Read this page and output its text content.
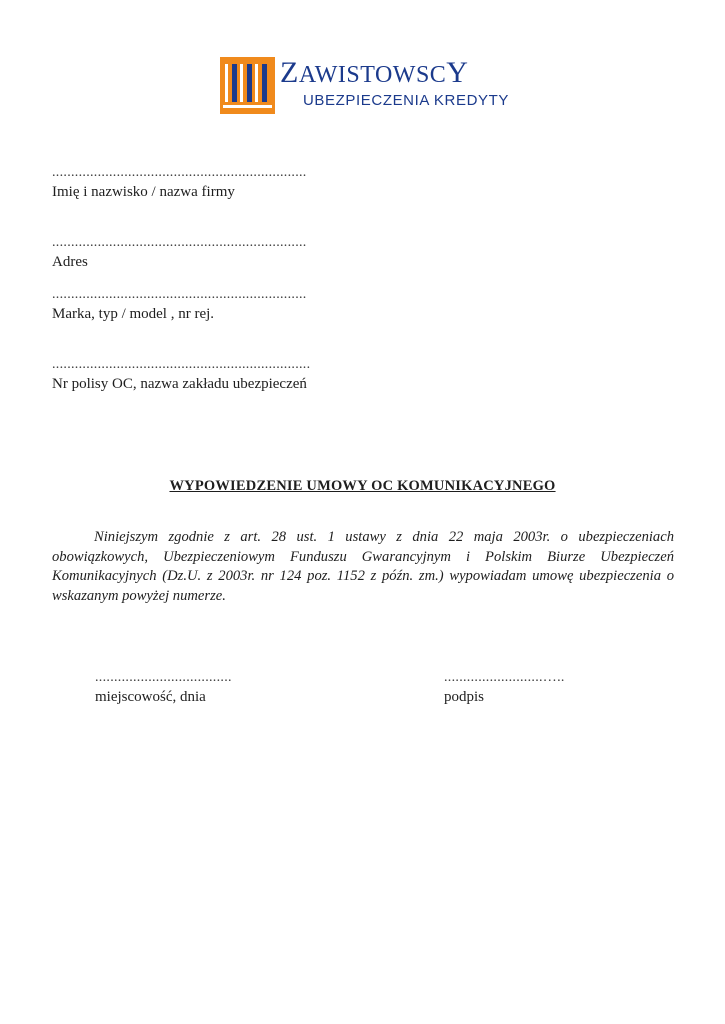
ZAWISTOWSCY
UBEZPIECZENIA KREDYTY
...................................................................
Imię i nazwisko / nazwa firmy
...................................................................
Adres
...................................................................
Marka, typ / model , nr rej.
....................................................................
Nr polisy OC, nazwa zakładu ubezpieczeń
WYPOWIEDZENIE UMOWY OC KOMUNIKACYJNEGO
Niniejszym zgodnie z art. 28 ust. 1 ustawy z dnia 22 maja 2003r. o ubezpieczeniach obowiązkowych, Ubezpieczeniowym Funduszu Gwarancyjnym i Polskim Biurze Ubezpieczeń Komunikacyjnych (Dz.U. z 2003r. nr 124 poz. 1152 z późn. zm.) wypowiadam umowę ubezpieczenia o wskazanym powyżej numerze.
....................................
miejscowość, dnia
..........................…..
podpis
